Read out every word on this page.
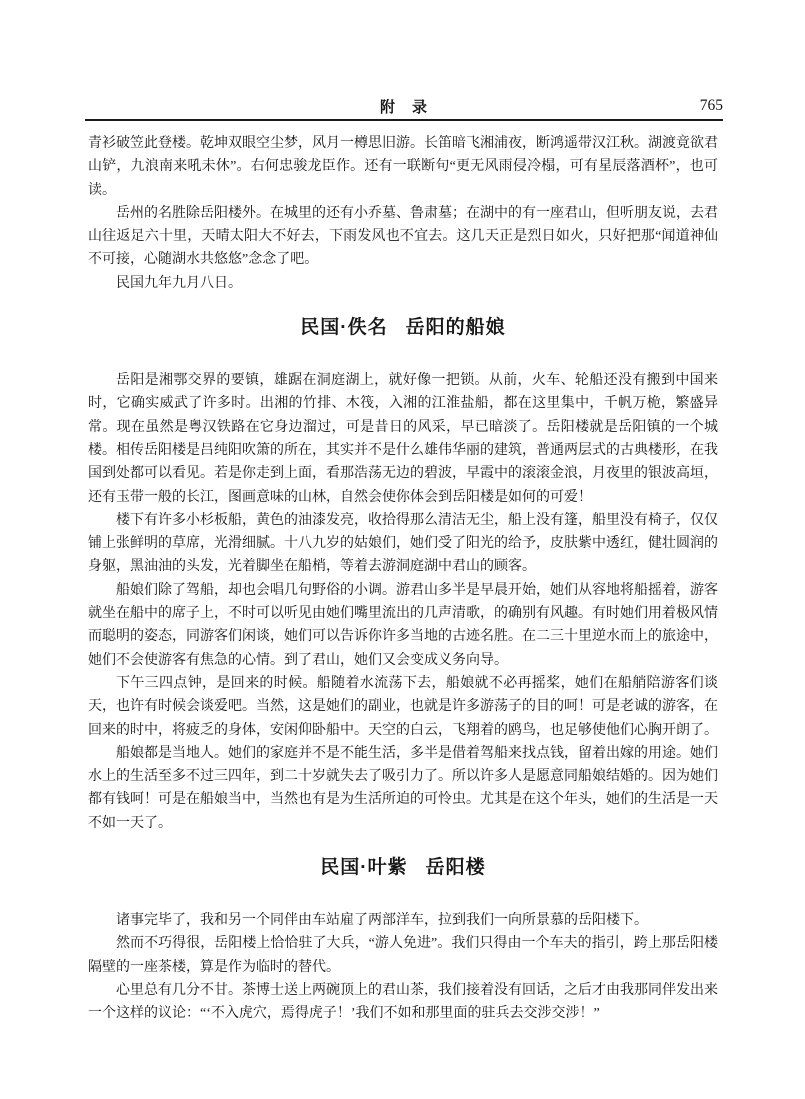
附　录	765

青衫破笠此登楼。乾坤双眼空尘梦，风月一樽思旧游。长笛暗飞湘浦夜，断鸿遥带汉江秋。湖渡竟欲君山铲，九浪南来吼未休”。右何忠骏龙臣作。还有一联断句“更无风雨侵冷榻，可有星辰落酒杯”，也可读。

岳州的名胜除岳阳楼外。在城里的还有小乔墓、鲁肃墓；在湖中的有一座君山，但听朋友说，去君山往返足六十里，天晴太阳大不好去，下雨发风也不宜去。这几天正是烈日如火，只好把那“闻道神仙不可接，心随湖水共悠悠”念念了吧。

民国九年九月八日。

民国·佚名 岳阳的船娘

岳阳是湘鄂交界的要镇，雄踞在洞庭湖上，就好像一把锁。从前，火车、轮船还没有搬到中国来时，它确实威武了许多时。出湘的竹排、木筏，入湘的江淮盐船，都在这里集中，千帆万桅，繁盛异常。现在虽然是粤汉铁路在它身边溜过，可是昔日的风采，早已暗淡了。岳阳楼就是岳阳镇的一个城楼。相传岳阳楼是吕纯阳吹箫的所在，其实并不是什么雄伟华丽的建筑，普通两层式的古典楼形，在我国到处都可以看见。若是你走到上面，看那浩荡无边的碧波，早霞中的滚滚金浪，月夜里的银波高垣，还有玉带一般的长江，图画意味的山林，自然会使你体会到岳阳楼是如何的可爱！

楼下有许多小杉板船，黄色的油漆发亮，收拾得那么清洁无尘，船上没有篷，船里没有椅子，仅仅铺上张鲜明的草席，光滑细腻。十八九岁的姑娘们，她们受了阳光的给予，皮肤紫中透红，健壮圆润的身躯，黑油油的头发，光着脚坐在船梢，等着去游洞庭湖中君山的顾客。

船娘们除了驾船，却也会唱几句野俗的小调。游君山多半是早晨开始，她们从容地将船摇着，游客就坐在船中的席子上，不时可以听见由她们嘴里流出的几声清歌，的确别有风趣。有时她们用着极风情而聪明的姿态，同游客们闲谈，她们可以告诉你许多当地的古迹名胜。在二三十里逆水而上的旅途中，她们不会使游客有焦急的心情。到了君山，她们又会变成义务向导。

下午三四点钟，是回来的时候。船随着水流荡下去，船娘就不必再摇桨，她们在船艄陪游客们谈天，也许有时候会谈爱吧。当然，这是她们的副业，也就是许多游荡子的目的呵！可是老诚的游客，在回来的时中，将疲乏的身体，安闲仰卧船中。天空的白云，飞翔着的鸥鸟，也足够使他们心胸开朗了。

船娘都是当地人。她们的家庭并不是不能生活，多半是借着驾船来找点钱，留着出嫁的用途。她们水上的生活至多不过三四年，到二十岁就失去了吸引力了。所以许多人是愿意同船娘结婚的。因为她们都有钱呵！可是在船娘当中，当然也有是为生活所迫的可怜虫。尤其是在这个年头，她们的生活是一天不如一天了。

民国·叶紫 岳阳楼

诸事完毕了，我和另一个同伴由车站雇了两部洋车，拉到我们一向所景慕的岳阳楼下。

然而不巧得很，岳阳楼上恰恰驻了大兵，“游人免进”。我们只得由一个车夫的指引，跨上那岳阳楼隔壁的一座茶楼，算是作为临时的替代。

心里总有几分不甘。茶博士送上两碗顶上的君山茶，我们接着没有回话，之后才由我那同伴发出来一个这样的议论：“‘不入虎穴，焉得虎子！’我们不如和那里面的驻兵去交涉交涉！”
